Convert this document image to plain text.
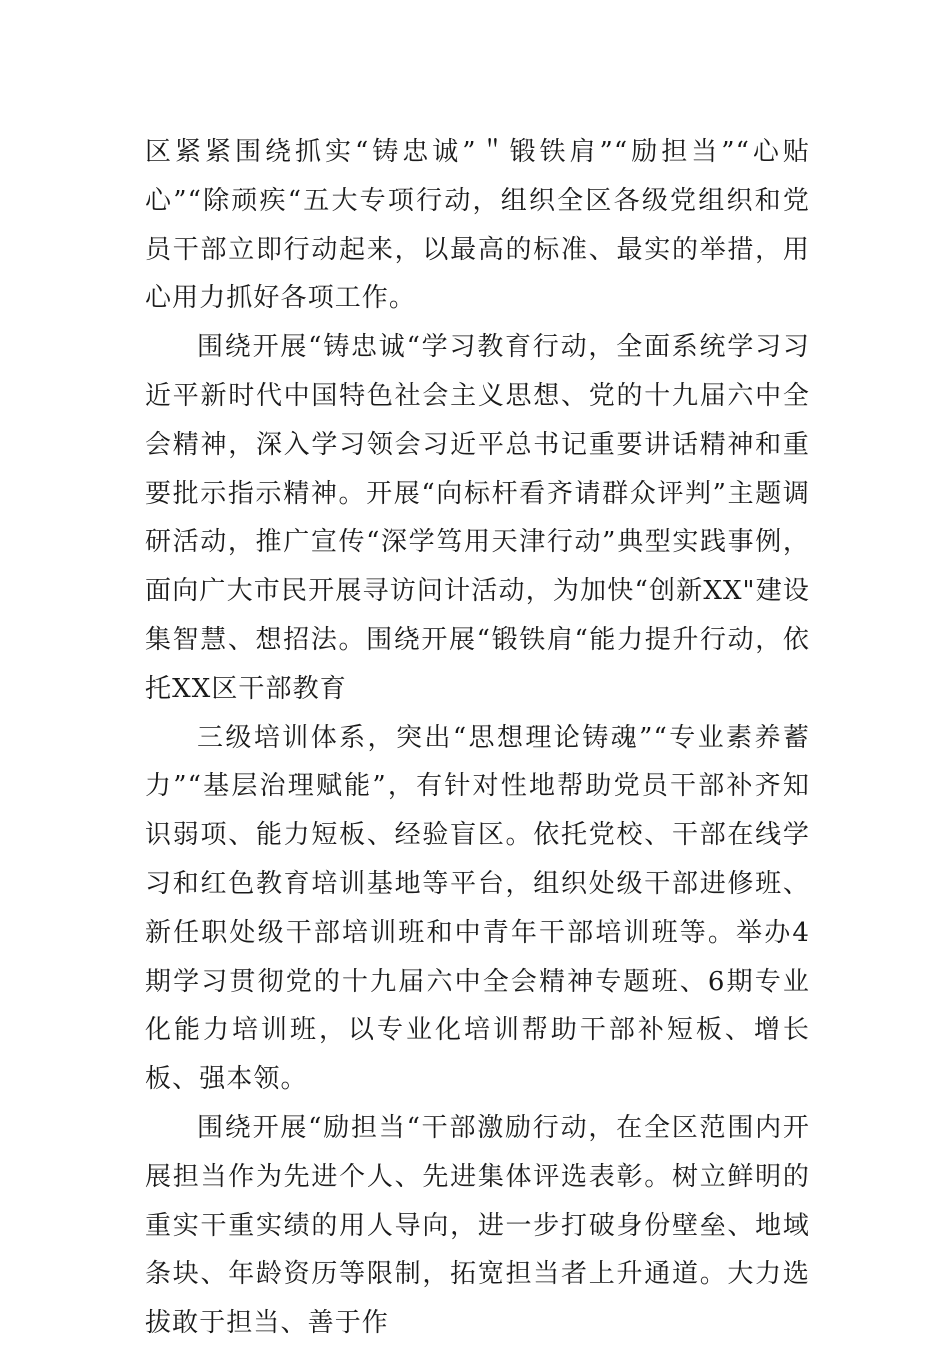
区紧紧围绕抓实“铸忠诚”＂锻铁肩”“励担当”“心贴心”“除顽疾“五大专项行动，组织全区各级党组织和党员干部立即行动起来，以最高的标准、最实的举措，用心用力抓好各项工作。

围绕开展“铸忠诚“学习教育行动，全面系统学习习近平新时代中国特色社会主义思想、党的十九届六中全会精神，深入学习领会习近平总书记重要讲话精神和重要批示指示精神。开展“向标杆看齐请群众评判”主题调研活动，推广宣传“深学笃用天津行动”典型实践事例，面向广大市民开展寻访问计活动，为加快“创新XX"建设集智慧、想招法。围绕开展“锻铁肩“能力提升行动，依托XX区干部教育

三级培训体系，突出“思想理论铸魂”“专业素养蓄力”“基层治理赋能”，有针对性地帮助党员干部补齐知识弱项、能力短板、经验盲区。依托党校、干部在线学习和红色教育培训基地等平台，组织处级干部进修班、新任职处级干部培训班和中青年干部培训班等。举办4期学习贯彻党的十九届六中全会精神专题班、6期专业化能力培训班，以专业化培训帮助干部补短板、增长板、强本领。

围绕开展“励担当“干部激励行动，在全区范围内开展担当作为先进个人、先进集体评选表彰。树立鲜明的重实干重实绩的用人导向，进一步打破身份壁垒、地域条块、年龄资历等限制，拓宽担当者上升通道。大力选拔敢于担当、善于作
